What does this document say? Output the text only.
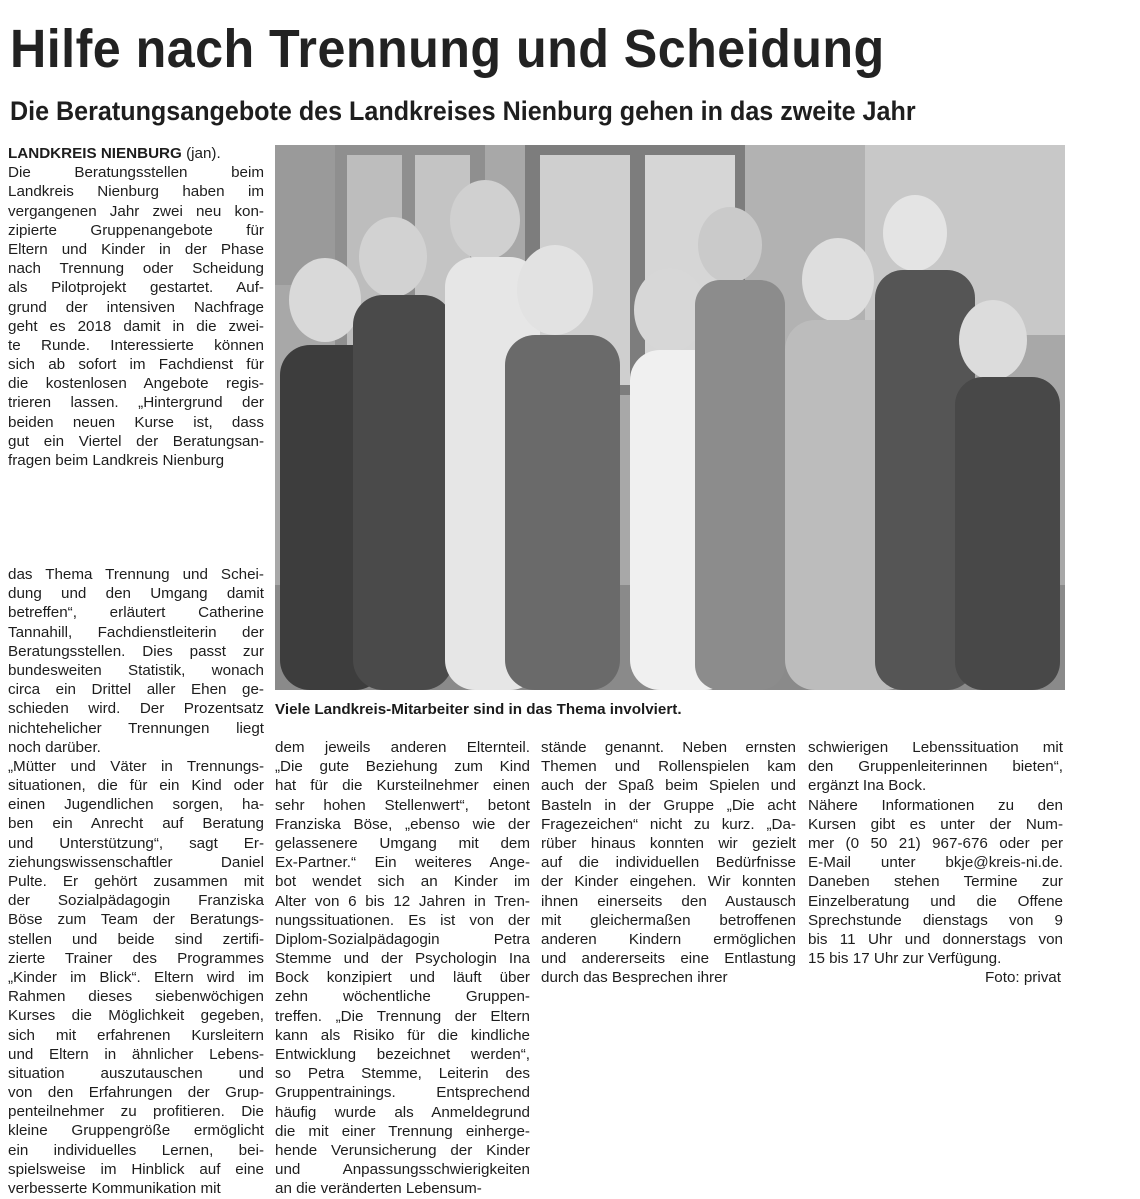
Hilfe nach Trennung und Scheidung
Die Beratungsangebote des Landkreises Nienburg gehen in das zweite Jahr
LANDKREIS NIENBURG (jan).
Die Beratungsstellen beim
Landkreis Nienburg haben im
vergangenen Jahr zwei neu kon-
zipierte Gruppenangebote für
Eltern und Kinder in der Phase
nach Trennung oder Scheidung
als Pilotprojekt gestartet. Auf-
grund der intensiven Nachfrage
geht es 2018 damit in die zwei-
te Runde. Interessierte können
sich ab sofort im Fachdienst für
die kostenlosen Angebote regis-
trieren lassen. „Hintergrund der
beiden neuen Kurse ist, dass
gut ein Viertel der Beratungsan-
fragen beim Landkreis Nienburg
das Thema Trennung und Schei-
dung und den Umgang damit
betreffen“, erläutert Catherine
Tannahill, Fachdienstleiterin der
Beratungsstellen. Dies passt zur
bundesweiten Statistik, wonach
circa ein Drittel aller Ehen ge-
schieden wird. Der Prozentsatz
nichtehelicher Trennungen liegt
noch darüber.
„Mütter und Väter in Trennungs-
situationen, die für ein Kind oder
einen Jugendlichen sorgen, ha-
ben ein Anrecht auf Beratung
und Unterstützung“, sagt Er-
ziehungswissenschaftler Daniel
Pulte. Er gehört zusammen mit
der Sozialpädagogin Franziska
Böse zum Team der Beratungs-
stellen und beide sind zertifi-
zierte Trainer des Programmes
„Kinder im Blick“. Eltern wird im
Rahmen dieses siebenwöchigen
Kurses die Möglichkeit gegeben,
sich mit erfahrenen Kursleitern
und Eltern in ähnlicher Lebens-
situation auszutauschen und
von den Erfahrungen der Grup-
penteilnehmer zu profitieren. Die
kleine Gruppengröße ermöglicht
ein individuelles Lernen, bei-
spielsweise im Hinblick auf eine
verbesserte Kommunikation mit
Viele Landkreis-Mitarbeiter sind in das Thema involviert.
dem jeweils anderen Elternteil.
„Die gute Beziehung zum Kind
hat für die Kursteilnehmer einen
sehr hohen Stellenwert“, betont
Franziska Böse, „ebenso wie der
gelassenere Umgang mit dem
Ex-Partner.“ Ein weiteres Ange-
bot wendet sich an Kinder im
Alter von 6 bis 12 Jahren in Tren-
nungssituationen. Es ist von der
Diplom-Sozialpädagogin Petra
Stemme und der Psychologin Ina
Bock konzipiert und läuft über
zehn wöchentliche Gruppen-
treffen. „Die Trennung der Eltern
kann als Risiko für die kindliche
Entwicklung bezeichnet werden“,
so Petra Stemme, Leiterin des
Gruppentrainings. Entsprechend
häufig wurde als Anmeldegrund
die mit einer Trennung einherge-
hende Verunsicherung der Kinder
und Anpassungsschwierigkeiten
an die veränderten Lebensum-
stände genannt. Neben ernsten
Themen und Rollenspielen kam
auch der Spaß beim Spielen und
Basteln in der Gruppe „Die acht
Fragezeichen“ nicht zu kurz. „Da-
rüber hinaus konnten wir gezielt
auf die individuellen Bedürfnisse
der Kinder eingehen. Wir konnten
ihnen einerseits den Austausch
mit gleichermaßen betroffenen
anderen Kindern ermöglichen
und andererseits eine Entlastung
durch das Besprechen ihrer
schwierigen Lebenssituation mit
den Gruppenleiterinnen bieten“,
ergänzt Ina Bock.
Nähere Informationen zu den
Kursen gibt es unter der Num-
mer (0 50 21) 967-676 oder per
E-Mail unter bkje@kreis-ni.de.
Daneben stehen Termine zur
Einzelberatung und die Offene
Sprechstunde dienstags von 9
bis 11 Uhr und donnerstags von
15 bis 17 Uhr zur Verfügung.
Foto: privat
